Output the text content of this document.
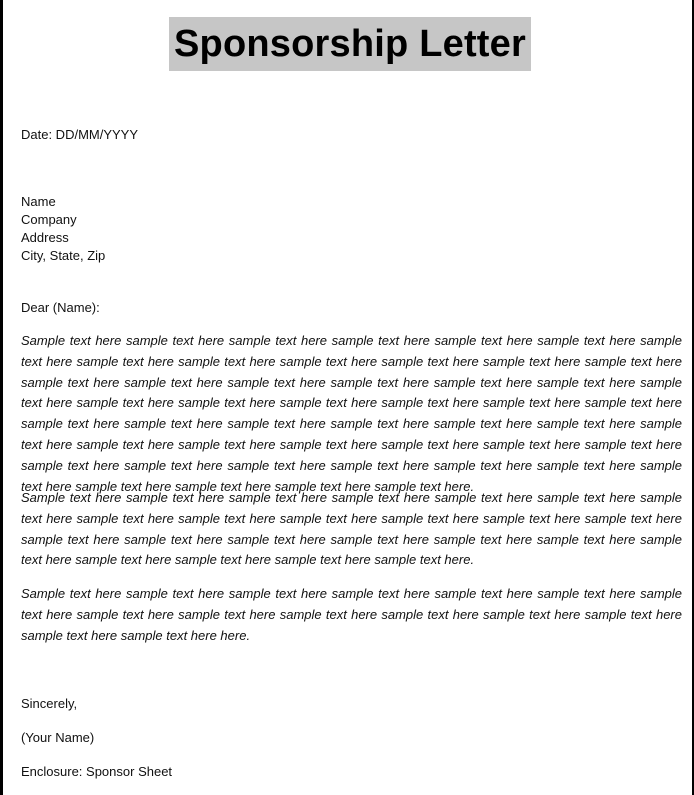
Sponsorship Letter
Date: DD/MM/YYYY
Name
Company
Address
City, State, Zip
Dear (Name):
Sample text here sample text here sample text here sample text here sample text here sample text here sample text here sample text here sample text here sample text here sample text here sample text here sample text here sample text here sample text here sample text here sample text here sample text here sample text here sample text here sample text here sample text here sample text here sample text here sample text here sample text here sample text here sample text here sample text here sample text here sample text here sample text here sample text here sample text here sample text here sample text here sample text here sample text here sample text here sample text here sample text here sample text here sample text here sample text here sample text here sample text here sample text here sample text here sample text here sample text here.
Sample text here sample text here sample text here sample text here sample text here sample text here sample text here sample text here sample text here sample text here sample text here sample text here sample text here sample text here sample text here sample text here sample text here sample text here sample text here sample text here sample text here sample text here sample text here sample text here.
Sample text here sample text here sample text here sample text here sample text here sample text here sample text here sample text here sample text here sample text here sample text here sample text here sample text here sample text here sample text here here.
Sincerely,
(Your Name)
Enclosure: Sponsor Sheet
